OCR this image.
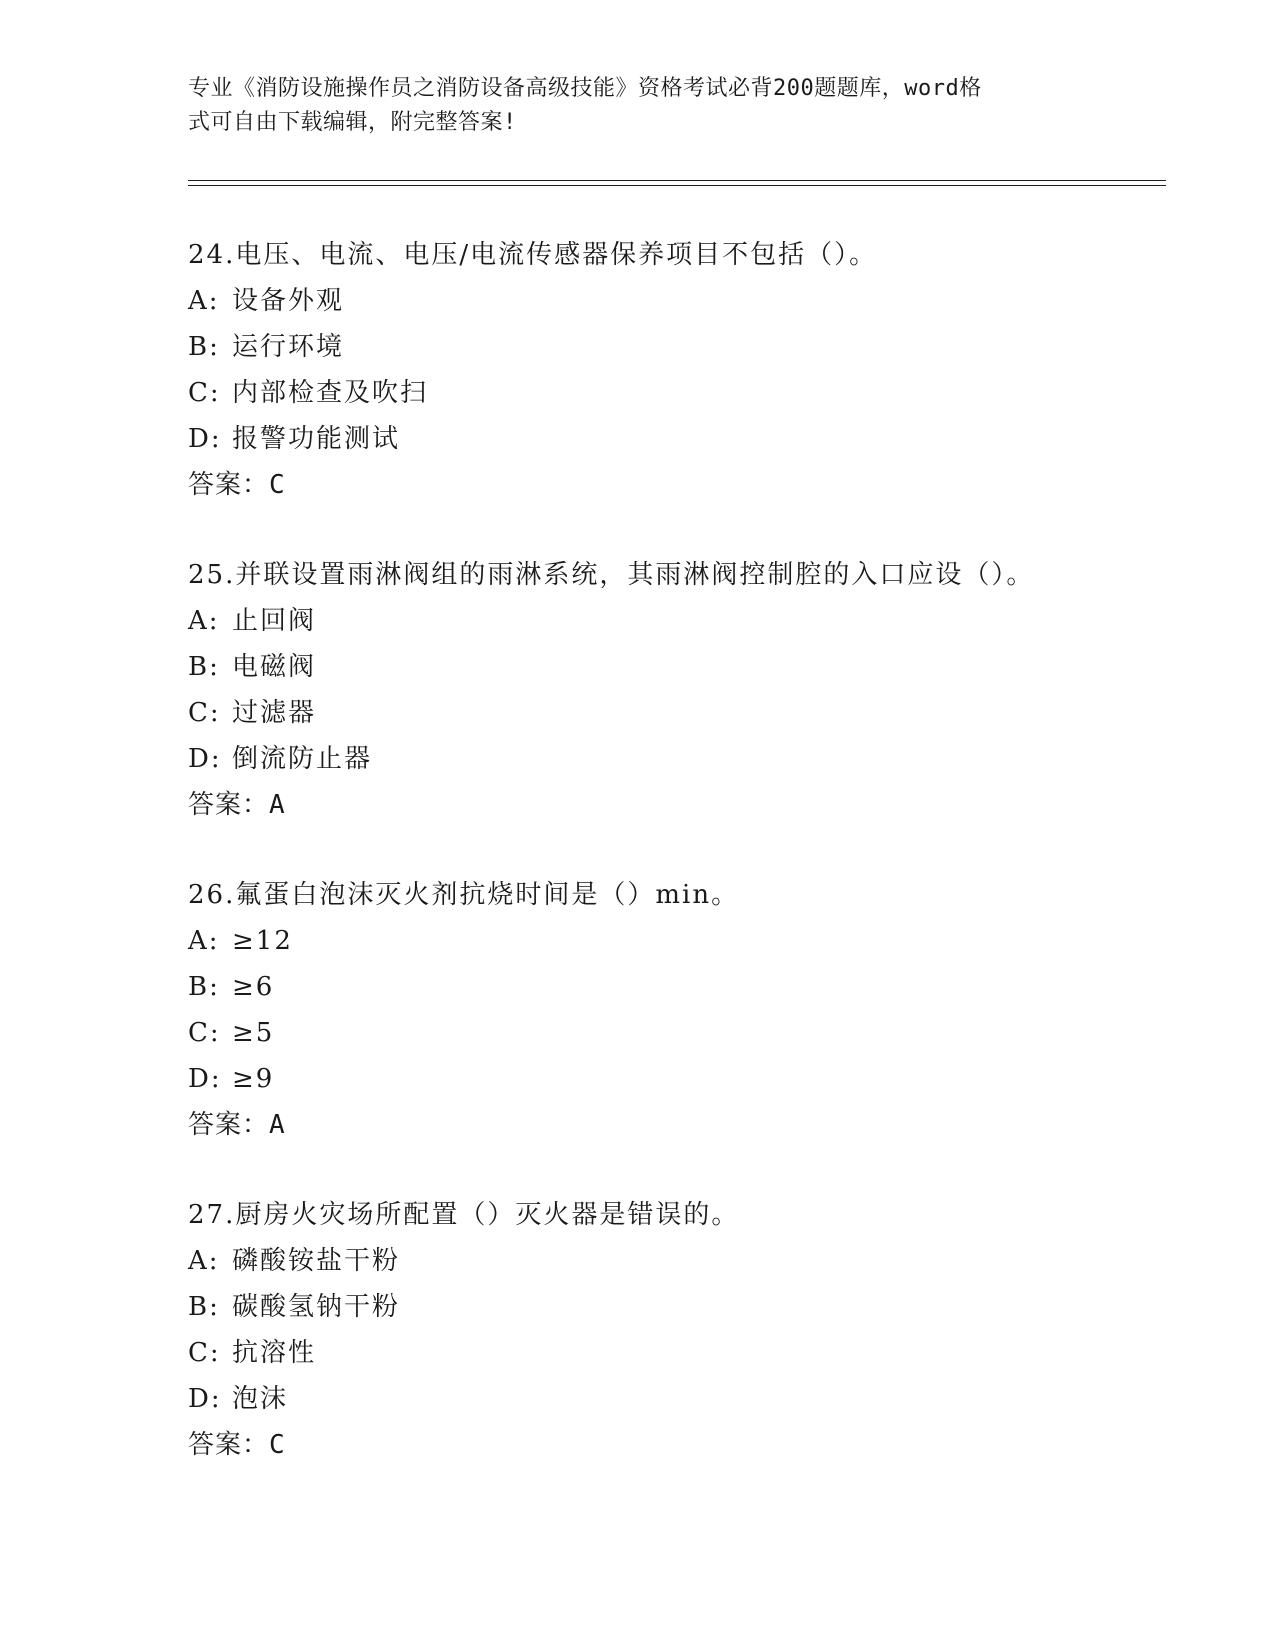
专业《消防设施操作员之消防设备高级技能》资格考试必背200题题库，word格
式可自由下载编辑，附完整答案!
24.电压、电流、电压/电流传感器保养项目不包括（）。
A: 设备外观
B: 运行环境
C: 内部检查及吹扫
D: 报警功能测试
答案：C
25.并联设置雨淋阀组的雨淋系统，其雨淋阀控制腔的入口应设（）。
A: 止回阀
B: 电磁阀
C: 过滤器
D: 倒流防止器
答案：A
26.氟蛋白泡沫灭火剂抗烧时间是（）min。
A: ≥12
B: ≥6
C: ≥5
D: ≥9
答案：A
27.厨房火灾场所配置（）灭火器是错误的。
A: 磷酸铵盐干粉
B: 碳酸氢钠干粉
C: 抗溶性
D: 泡沫
答案：C
